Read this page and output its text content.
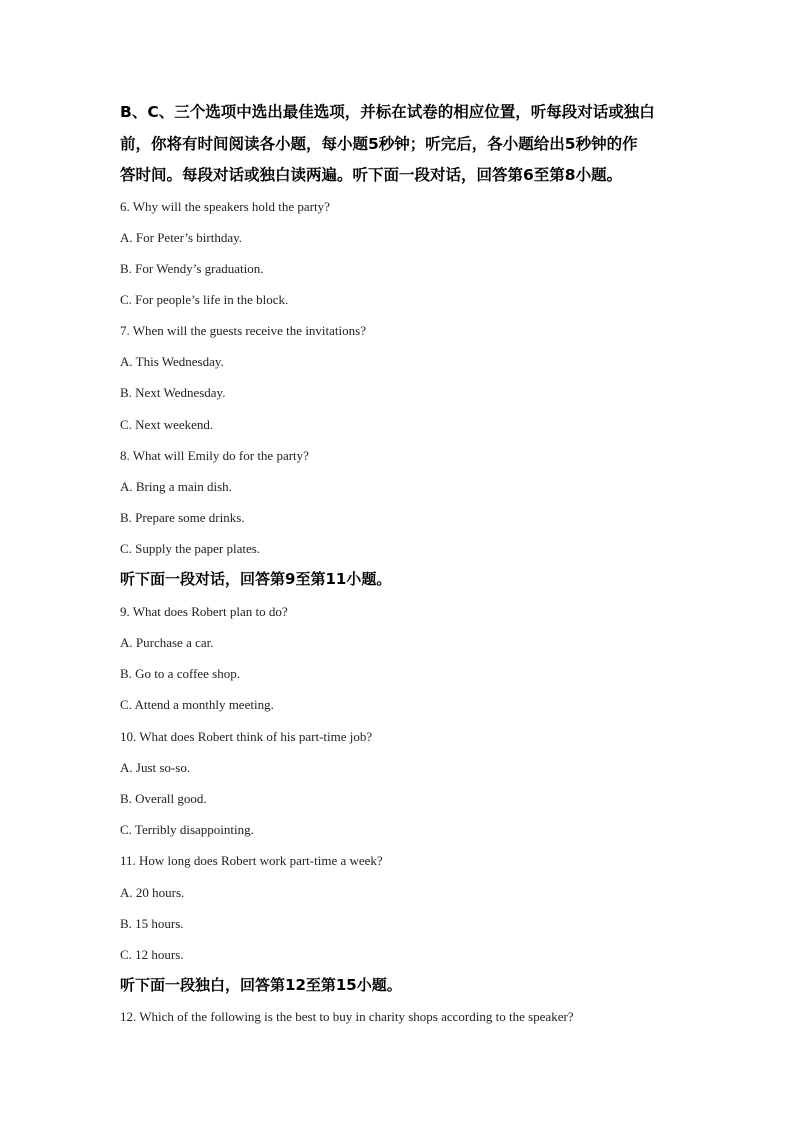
B、C、三个选项中选出最佳选项，并标在试卷的相应位置，听每段对话或独白
前，你将有时间阅读各小题，每小题5秒钟；听完后，各小题给出5秒钟的作
答时间。每段对话或独白读两遍。听下面一段对话，回答第6至第8小题。
6. Why will the speakers hold the party?
A. For Peter’s birthday.
B. For Wendy’s graduation.
C. For people’s life in the block.
7. When will the guests receive the invitations?
A. This Wednesday.
B. Next Wednesday.
C. Next weekend.
8. What will Emily do for the party?
A. Bring a main dish.
B. Prepare some drinks.
C. Supply the paper plates.
听下面一段对话，回答第9至第11小题。
9. What does Robert plan to do?
A. Purchase a car.
B. Go to a coffee shop.
C. Attend a monthly meeting.
10. What does Robert think of his part-time job?
A. Just so-so.
B. Overall good.
C. Terribly disappointing.
11. How long does Robert work part-time a week?
A. 20 hours.
B. 15 hours.
C. 12 hours.
听下面一段独白，回答第12至第15小题。
12. Which of the following is the best to buy in charity shops according to the speaker?
